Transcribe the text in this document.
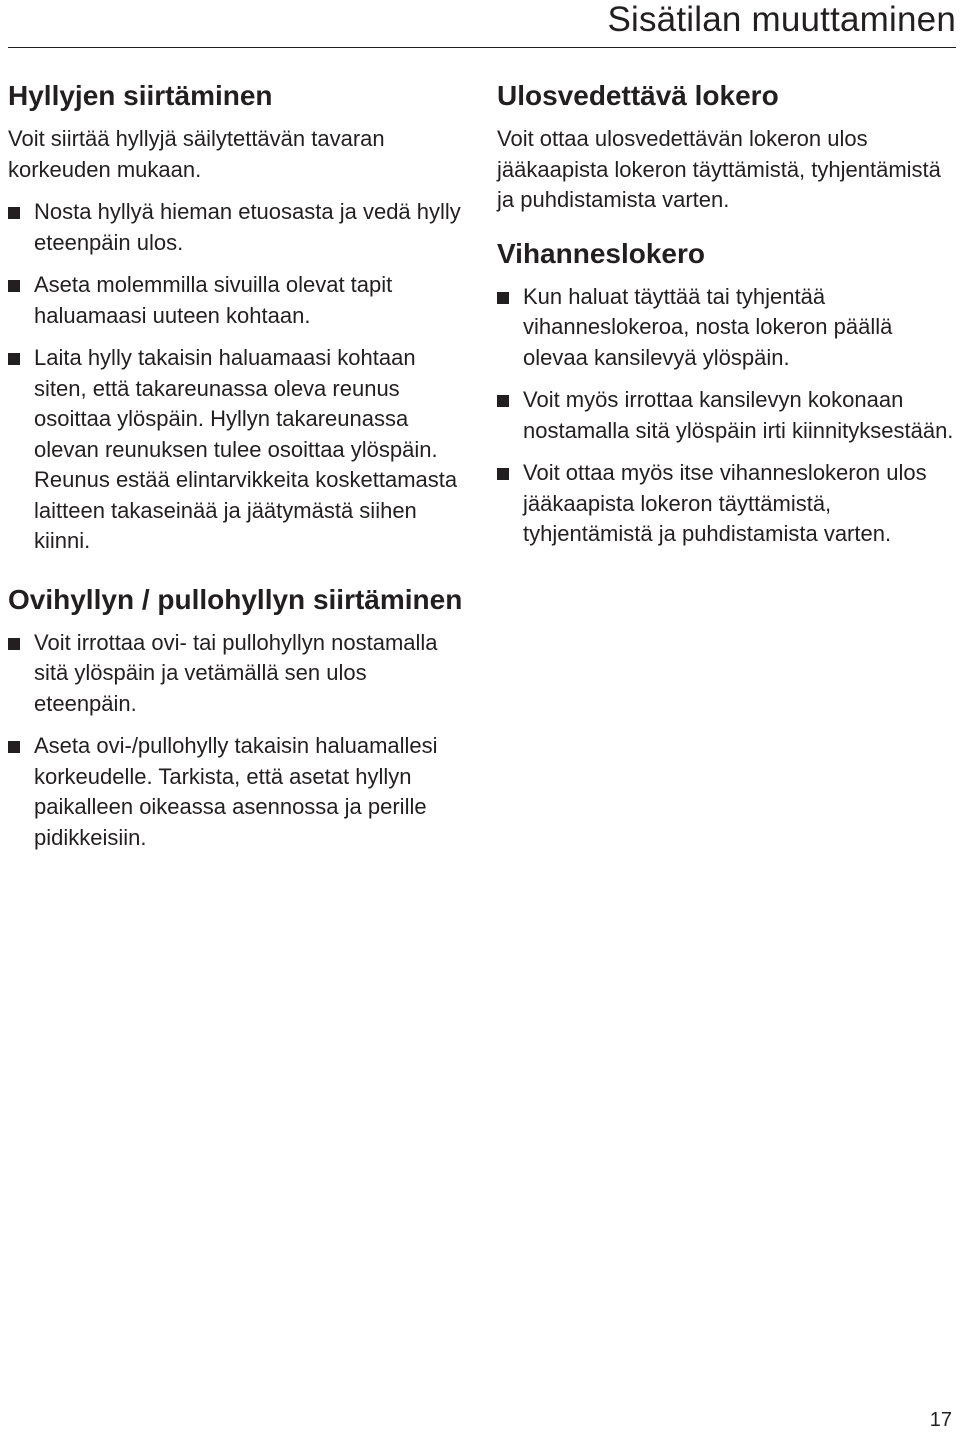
Sisätilan muuttaminen
Hyllyjen siirtäminen

Voit siirtää hyllyjä säilytettävän tavaran korkeuden mukaan.

Nosta hyllyä hieman etuosasta ja vedä hylly eteenpäin ulos.
Aseta molemmilla sivuilla olevat tapit haluamaasi uuteen kohtaan.
Laita hylly takaisin haluamaasi kohtaan siten, että takareunassa oleva reunus osoittaa ylöspäin. Hyllyn takareunassa olevan reunuksen tulee osoittaa ylöspäin. Reunus estää elintarvikkeita koskettamasta laitteen takaseinää ja jäätymästä siihen kiinni.
Ovihyllyn / pullohyllyn siirtäminen
Voit irrottaa ovi- tai pullohyllyn nostamalla sitä ylöspäin ja vetämällä sen ulos eteenpäin.
Aseta ovi-/pullohylly takaisin haluamallesi korkeudelle. Tarkista, että asetat hyllyn paikalleen oikeassa asennossa ja perille pidikkeisiin.
Ulosvedettävä lokero

Voit ottaa ulosvedettävän lokeron ulos jääkaapista lokeron täyttämistä, tyhjentämistä ja puhdistamista varten.

Vihanneslokero
Kun haluat täyttää tai tyhjentää vihanneslokeroa, nosta lokeron päällä olevaa kansilevyä ylöspäin.
Voit myös irrottaa kansilevyn kokonaan nostamalla sitä ylöspäin irti kiinnityksestään.
Voit ottaa myös itse vihanneslokeron ulos jääkaapista lokeron täyttämistä, tyhjentämistä ja puhdistamista varten.
17
